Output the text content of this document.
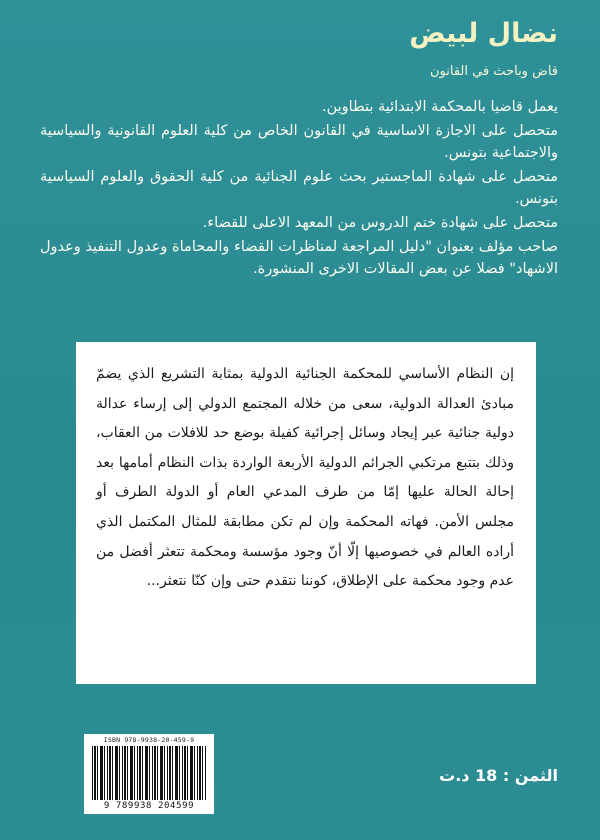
نضال لبيض

قاض وباحث في القانون

يعمل قاضيا بالمحكمة الابتدائية بتطاوين.
متحصل على الاجازة الاساسية في القانون الخاص من كلية العلوم القانونية والسياسية والاجتماعية بتونس.
متحصل على شهادة الماجستير بحث علوم الجنائية من كلية الحقوق والعلوم السياسية بتونس.
متحصل على شهادة ختم الدروس من المعهد الاعلى للقضاء.
صاحب مؤلف بعنوان "دليل المراجعة لمناظرات القضاء والمحاماة وعدول التنفيذ وعدول الاشهاد" فضلا عن بعض المقالات الاخرى المنشورة.

إن النظام الأساسي للمحكمة الجنائية الدولية بمثابة التشريع الذي يضمّ مبادئ العدالة الدولية، سعى من خلاله المجتمع الدولي إلى إرساء عدالة دولية جنائية عبر إيجاد وسائل إجرائية كفيلة بوضع حد للافلات من العقاب، وذلك بتتبع مرتكبي الجرائم الدولية الأربعة الواردة بذات النظام أمامها بعد إحالة الحالة عليها إمّا من طرف المدعي العام أو الدولة الطرف أو مجلس الأمن. فهاته المحكمة وإن لم تكن مطابقة للمثال المكتمل الذي أراده العالم في خصوصيها إلّا أنّ وجود مؤسسة ومحكمة تتعثر أفضل من عدم وجود محكمة على الإطلاق، كوننا نتقدم حتى وإن كنّا نتعثر...

ISBN 978-9938-20-459-9
9 789938 204599
الثمن : 18 د.ت
